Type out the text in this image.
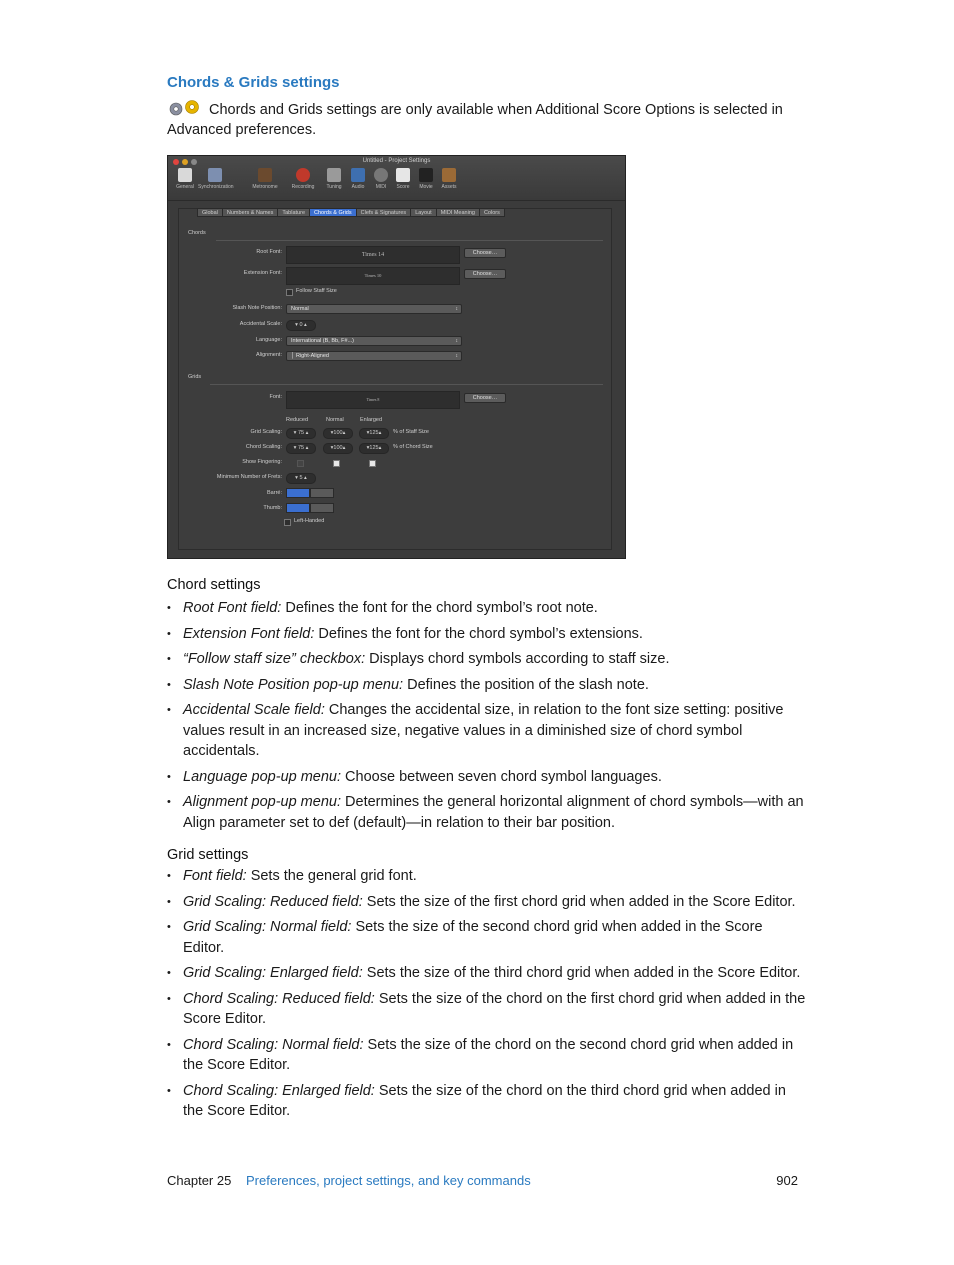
Chords & Grids settings
Chords and Grids settings are only available when Additional Score Options is selected in Advanced preferences.
Untitled - Project Settings
General Synchronization	Metronome	Recording	Tuning	Audio	MIDI	Score	Movie	Assets
Global	Numbers & Names	Tablature	Chords & Grids	Clefs & Signatures	Layout	MIDI Meaning	Colors
Chords
Root Font:	Times 14	Choose…
Extension Font:	Times 10	Choose…
Follow Staff Size
Slash Note Position:	Normal	↕
Accidental Scale:	▾ 0 ▴
Language:	International (B, Bb, F#...)	↕
Alignment:	│ Right-Aligned	↕
Grids
Font:	Times 8	Choose…
Reduced	Normal	Enlarged
Grid Scaling:	▾ 75 ▴	▾100▴	▾125▴	% of Staff Size
Chord Scaling:	▾ 75 ▴	▾100▴	▾125▴	% of Chord Size
Show Fingering:
Minimum Number of Frets:	▾ 5 ▴
Barré:
Thumb:
Left-Handed
Chord settings
• Root Font field: Defines the font for the chord symbol’s root note.
• Extension Font field: Defines the font for the chord symbol’s extensions.
• “Follow staff size” checkbox: Displays chord symbols according to staff size.
• Slash Note Position pop-up menu: Defines the position of the slash note.
• Accidental Scale field: Changes the accidental size, in relation to the font size setting: positive values result in an increased size, negative values in a diminished size of chord symbol accidentals.
• Language pop-up menu: Choose between seven chord symbol languages.
• Alignment pop-up menu: Determines the general horizontal alignment of chord symbols—with an Align parameter set to def (default)—in relation to their bar position.
Grid settings
• Font field: Sets the general grid font.
• Grid Scaling: Reduced field: Sets the size of the first chord grid when added in the Score Editor.
• Grid Scaling: Normal field: Sets the size of the second chord grid when added in the Score Editor.
• Grid Scaling: Enlarged field: Sets the size of the third chord grid when added in the Score Editor.
• Chord Scaling: Reduced field: Sets the size of the chord on the first chord grid when added in the Score Editor.
• Chord Scaling: Normal field: Sets the size of the chord on the second chord grid when added in the Score Editor.
• Chord Scaling: Enlarged field: Sets the size of the chord on the third chord grid when added in the Score Editor.
Chapter 25 Preferences, project settings, and key commands	902
